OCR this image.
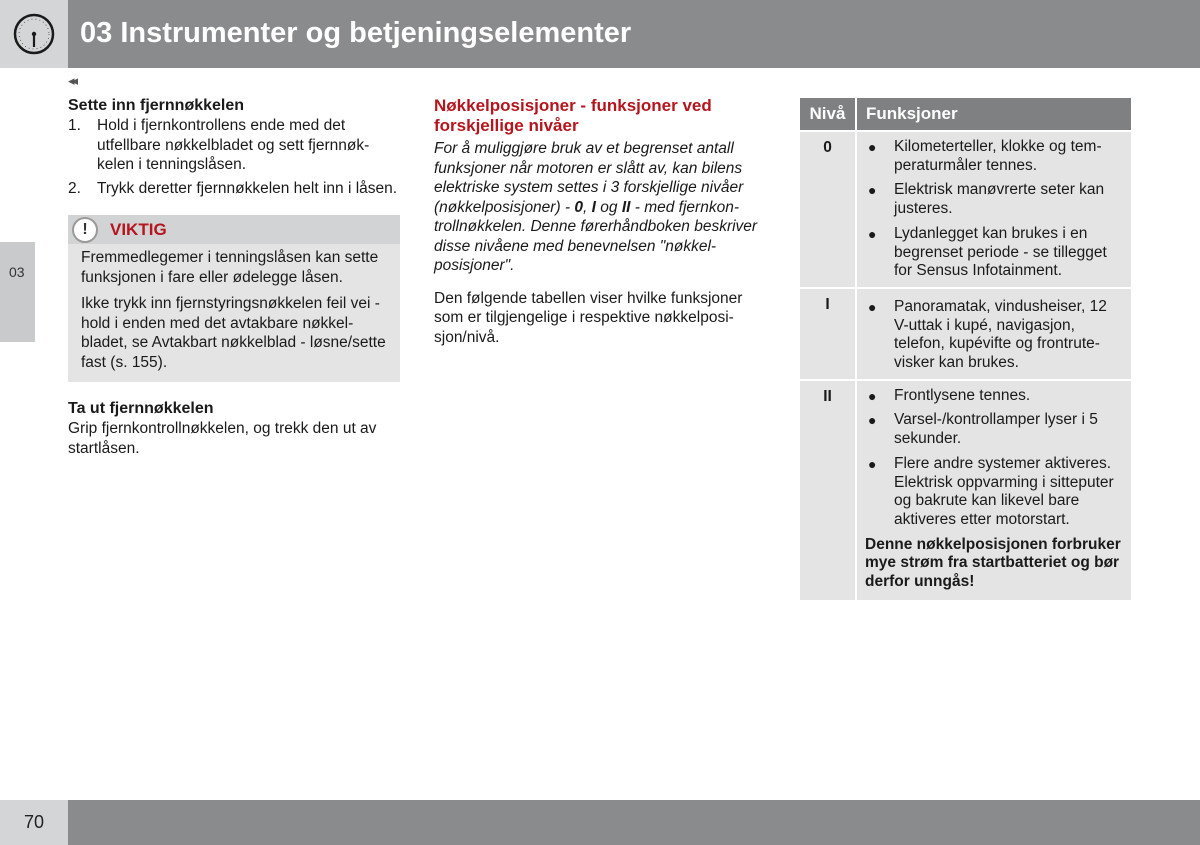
03 Instrumenter og betjeningselementer
◂◂
03
Sette inn fjernnøkkelen
1.	Hold i fjernkontrollens ende med det utfellbare nøkkelbladet og sett fjernnøkkelen i tenningslåsen.
2.	Trykk deretter fjernnøkkelen helt inn i låsen.
!	VIKTIG

Fremmedlegemer i tenningslåsen kan sette funksjonen i fare eller ødelegge låsen.

Ikke trykk inn fjernstyringsnøkkelen feil vei - hold i enden med det avtakbare nøkkelbladet, se Avtakbart nøkkelblad - løsne/sette fast (s. 155).

Ta ut fjernnøkkelen

Grip fjernkontrollnøkkelen, og trekk den ut av startlåsen.

Nøkkelposisjoner - funksjoner ved forskjellige nivåer

For å muliggjøre bruk av et begrenset antall funksjoner når motoren er slått av, kan bilens elektriske system settes i 3 forskjellige nivåer (nøkkelposisjoner) - 0, I og II - med fjernkontrollnøkkelen. Denne førerhåndboken beskriver disse nivåene med benevnelsen "nøkkelposisjoner".

Den følgende tabellen viser hvilke funksjoner som er tilgjengelige i respektive nøkkelposisjon/nivå.

Nivå	Funksjoner
0	●	Kilometerteller, klokke og temperaturmåler tennes.
●	Elektrisk manøvrerte seter kan justeres.
●	Lydanlegget kan brukes i en begrenset periode - se tillegget for Sensus Infotainment.
I	●	Panoramatak, vindusheiser, 12 V-uttak i kupé, navigasjon, telefon, kupévifte og frontrutevisker kan brukes.
II	●	Frontlysene tennes.
●	Varsel-/kontrollamper lyser i 5 sekunder.
●	Flere andre systemer aktiveres. Elektrisk oppvarming i sitteputer og bakrute kan likevel bare aktiveres etter motorstart.
Denne nøkkelposisjonen forbruker mye strøm fra startbatteriet og bør derfor unngås!
70
